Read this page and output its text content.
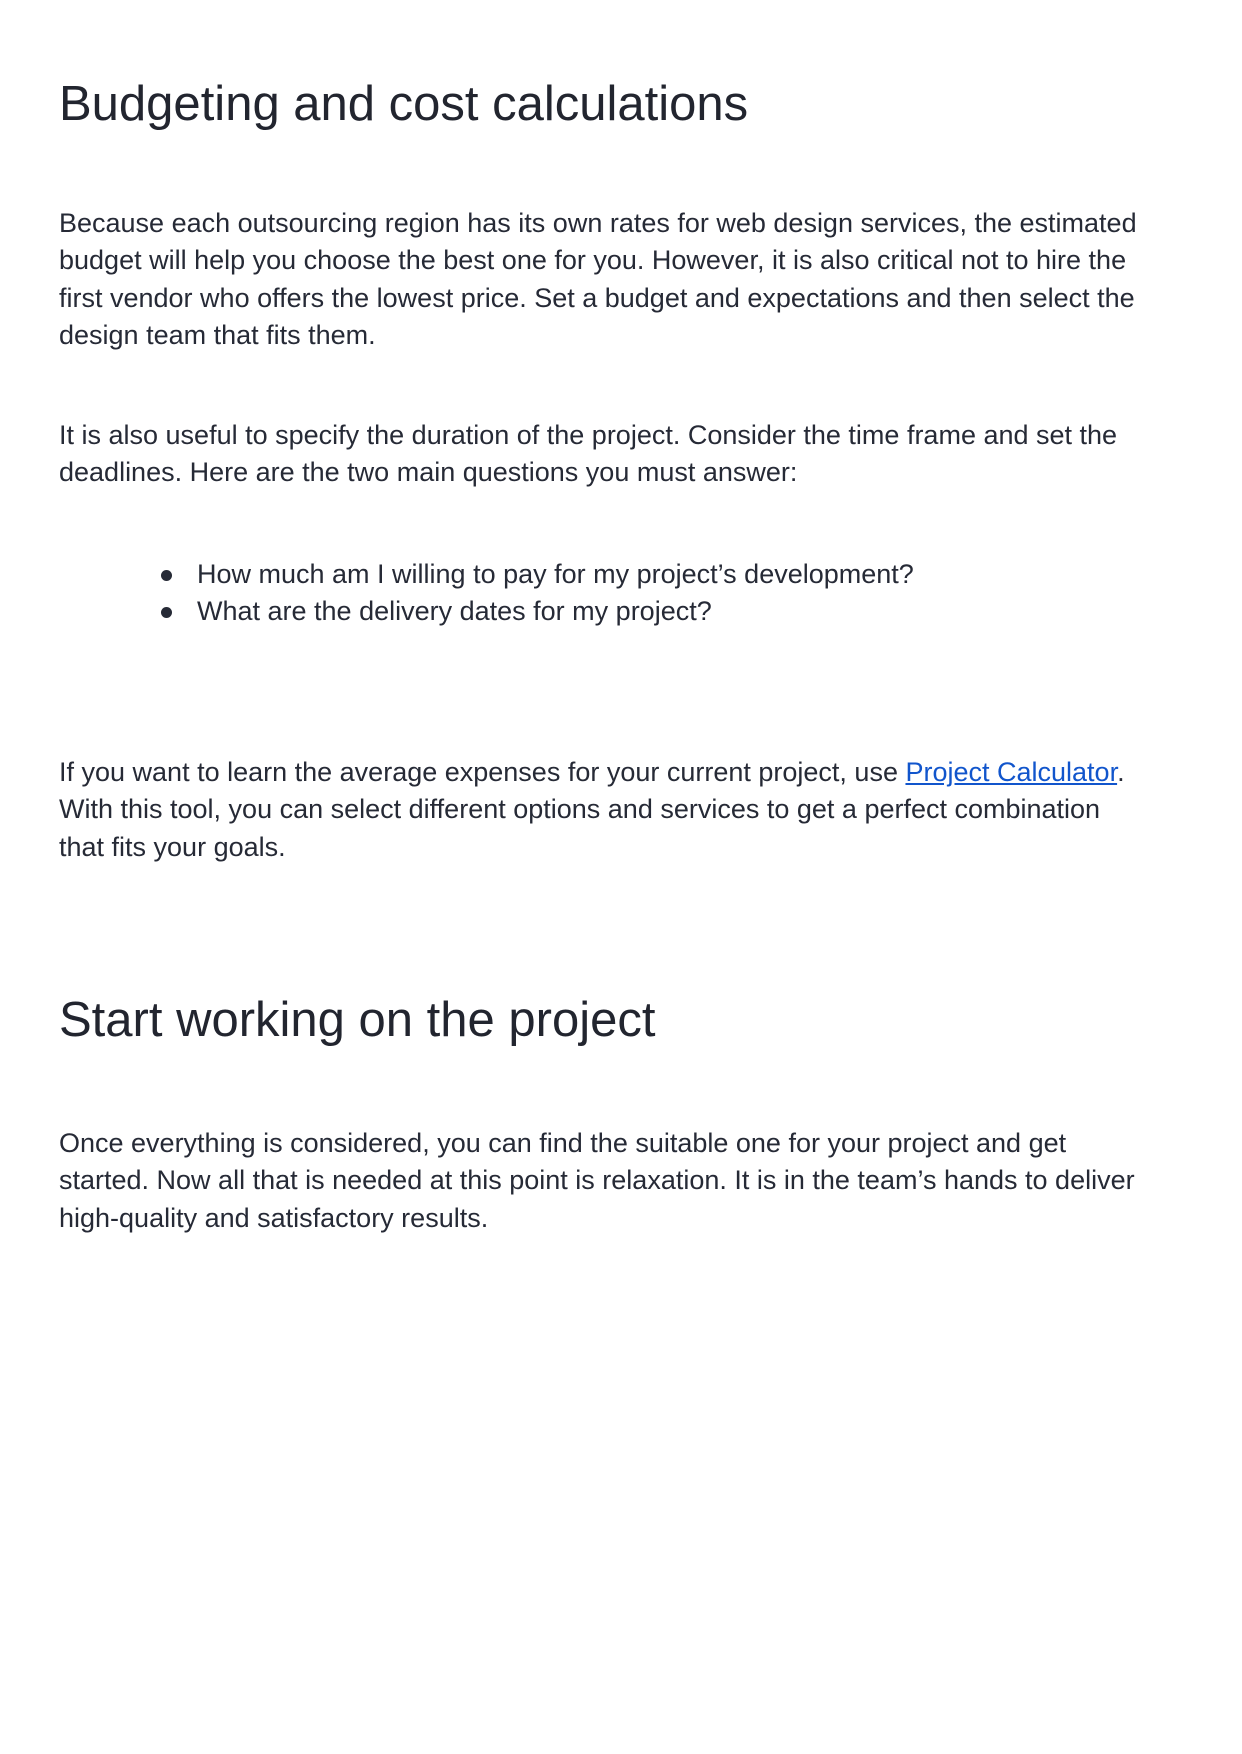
Budgeting and cost calculations

Because each outsourcing region has its own rates for web design services, the estimated
budget will help you choose the best one for you. However, it is also critical not to hire the
first vendor who offers the lowest price. Set a budget and expectations and then select the
design team that fits them.

It is also useful to specify the duration of the project. Consider the time frame and set the
deadlines. Here are the two main questions you must answer:

How much am I willing to pay for my project’s development?
What are the delivery dates for my project?

If you want to learn the average expenses for your current project, use Project Calculator.
With this tool, you can select different options and services to get a perfect combination
that fits your goals.

Start working on the project

Once everything is considered, you can find the suitable one for your project and get
started. Now all that is needed at this point is relaxation. It is in the team’s hands to deliver
high-quality and satisfactory results.
